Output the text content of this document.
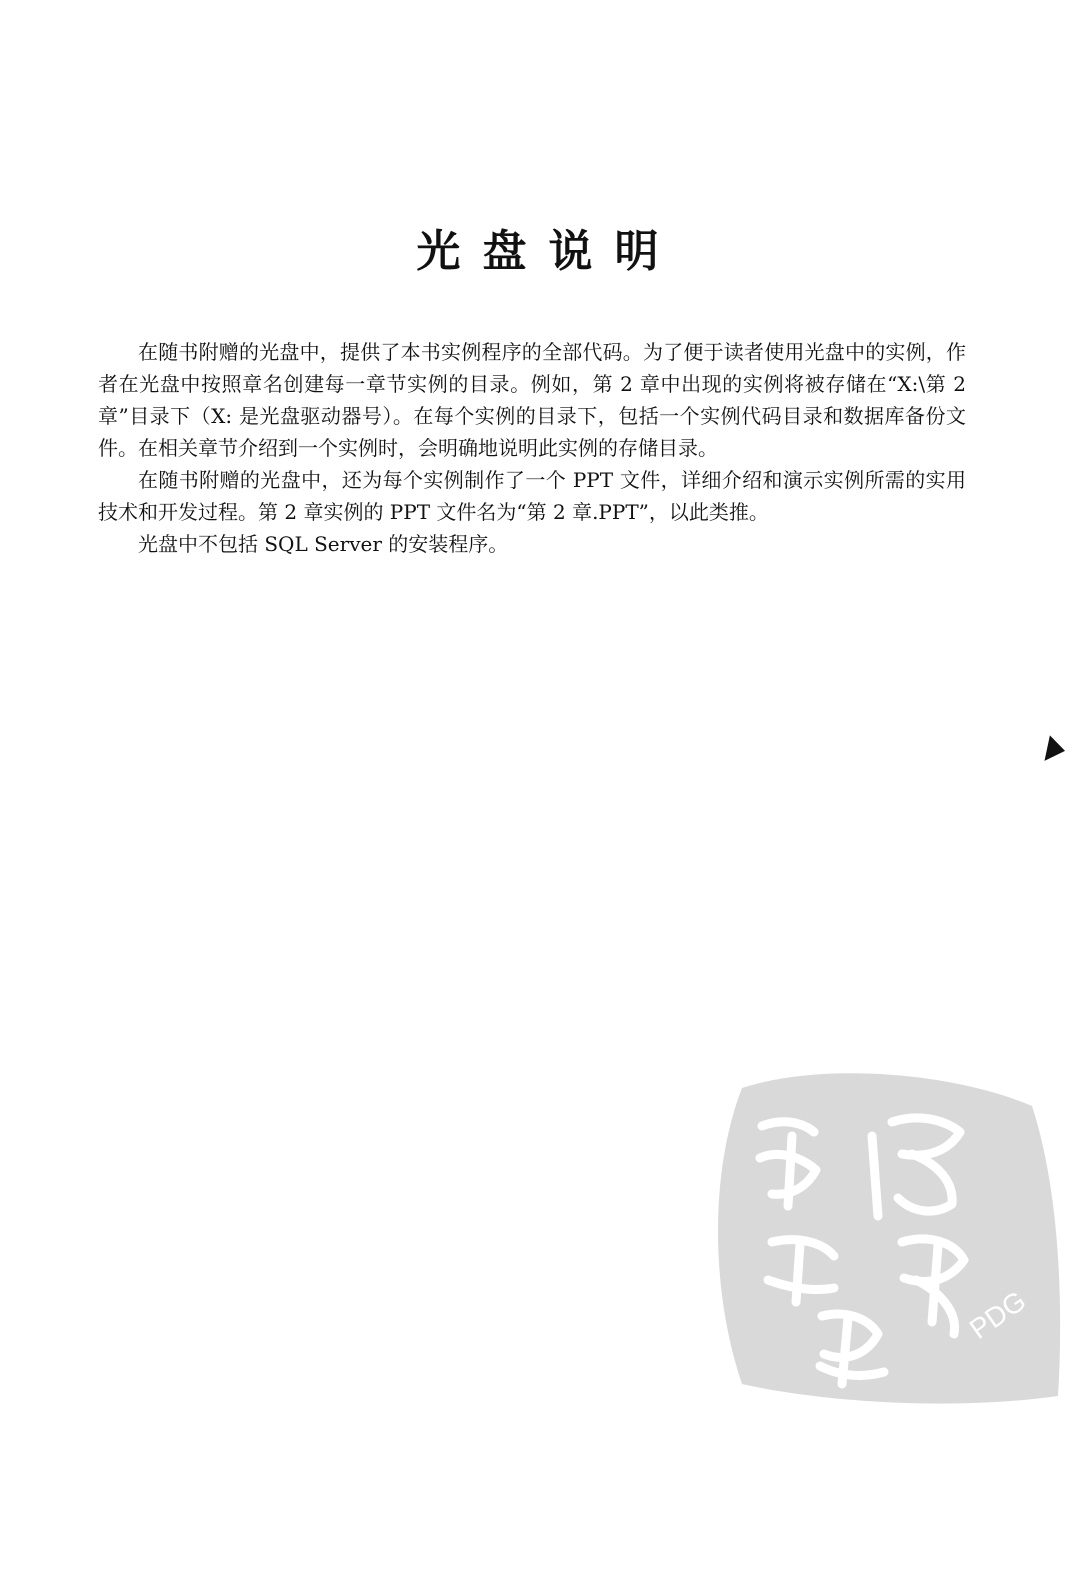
光盘说明

在随书附赠的光盘中，提供了本书实例程序的全部代码。为了便于读者使用光盘中的实例，作者在光盘中按照章名创建每一章节实例的目录。例如，第 2 章中出现的实例将被存储在“X:\第 2 章”目录下（X: 是光盘驱动器号）。在每个实例的目录下，包括一个实例代码目录和数据库备份文件。在相关章节介绍到一个实例时，会明确地说明此实例的存储目录。

在随书附赠的光盘中，还为每个实例制作了一个 PPT 文件，详细介绍和演示实例所需的实用技术和开发过程。第 2 章实例的 PPT 文件名为“第 2 章.PPT”，以此类推。

光盘中不包括 SQL Server 的安装程序。

PDG
